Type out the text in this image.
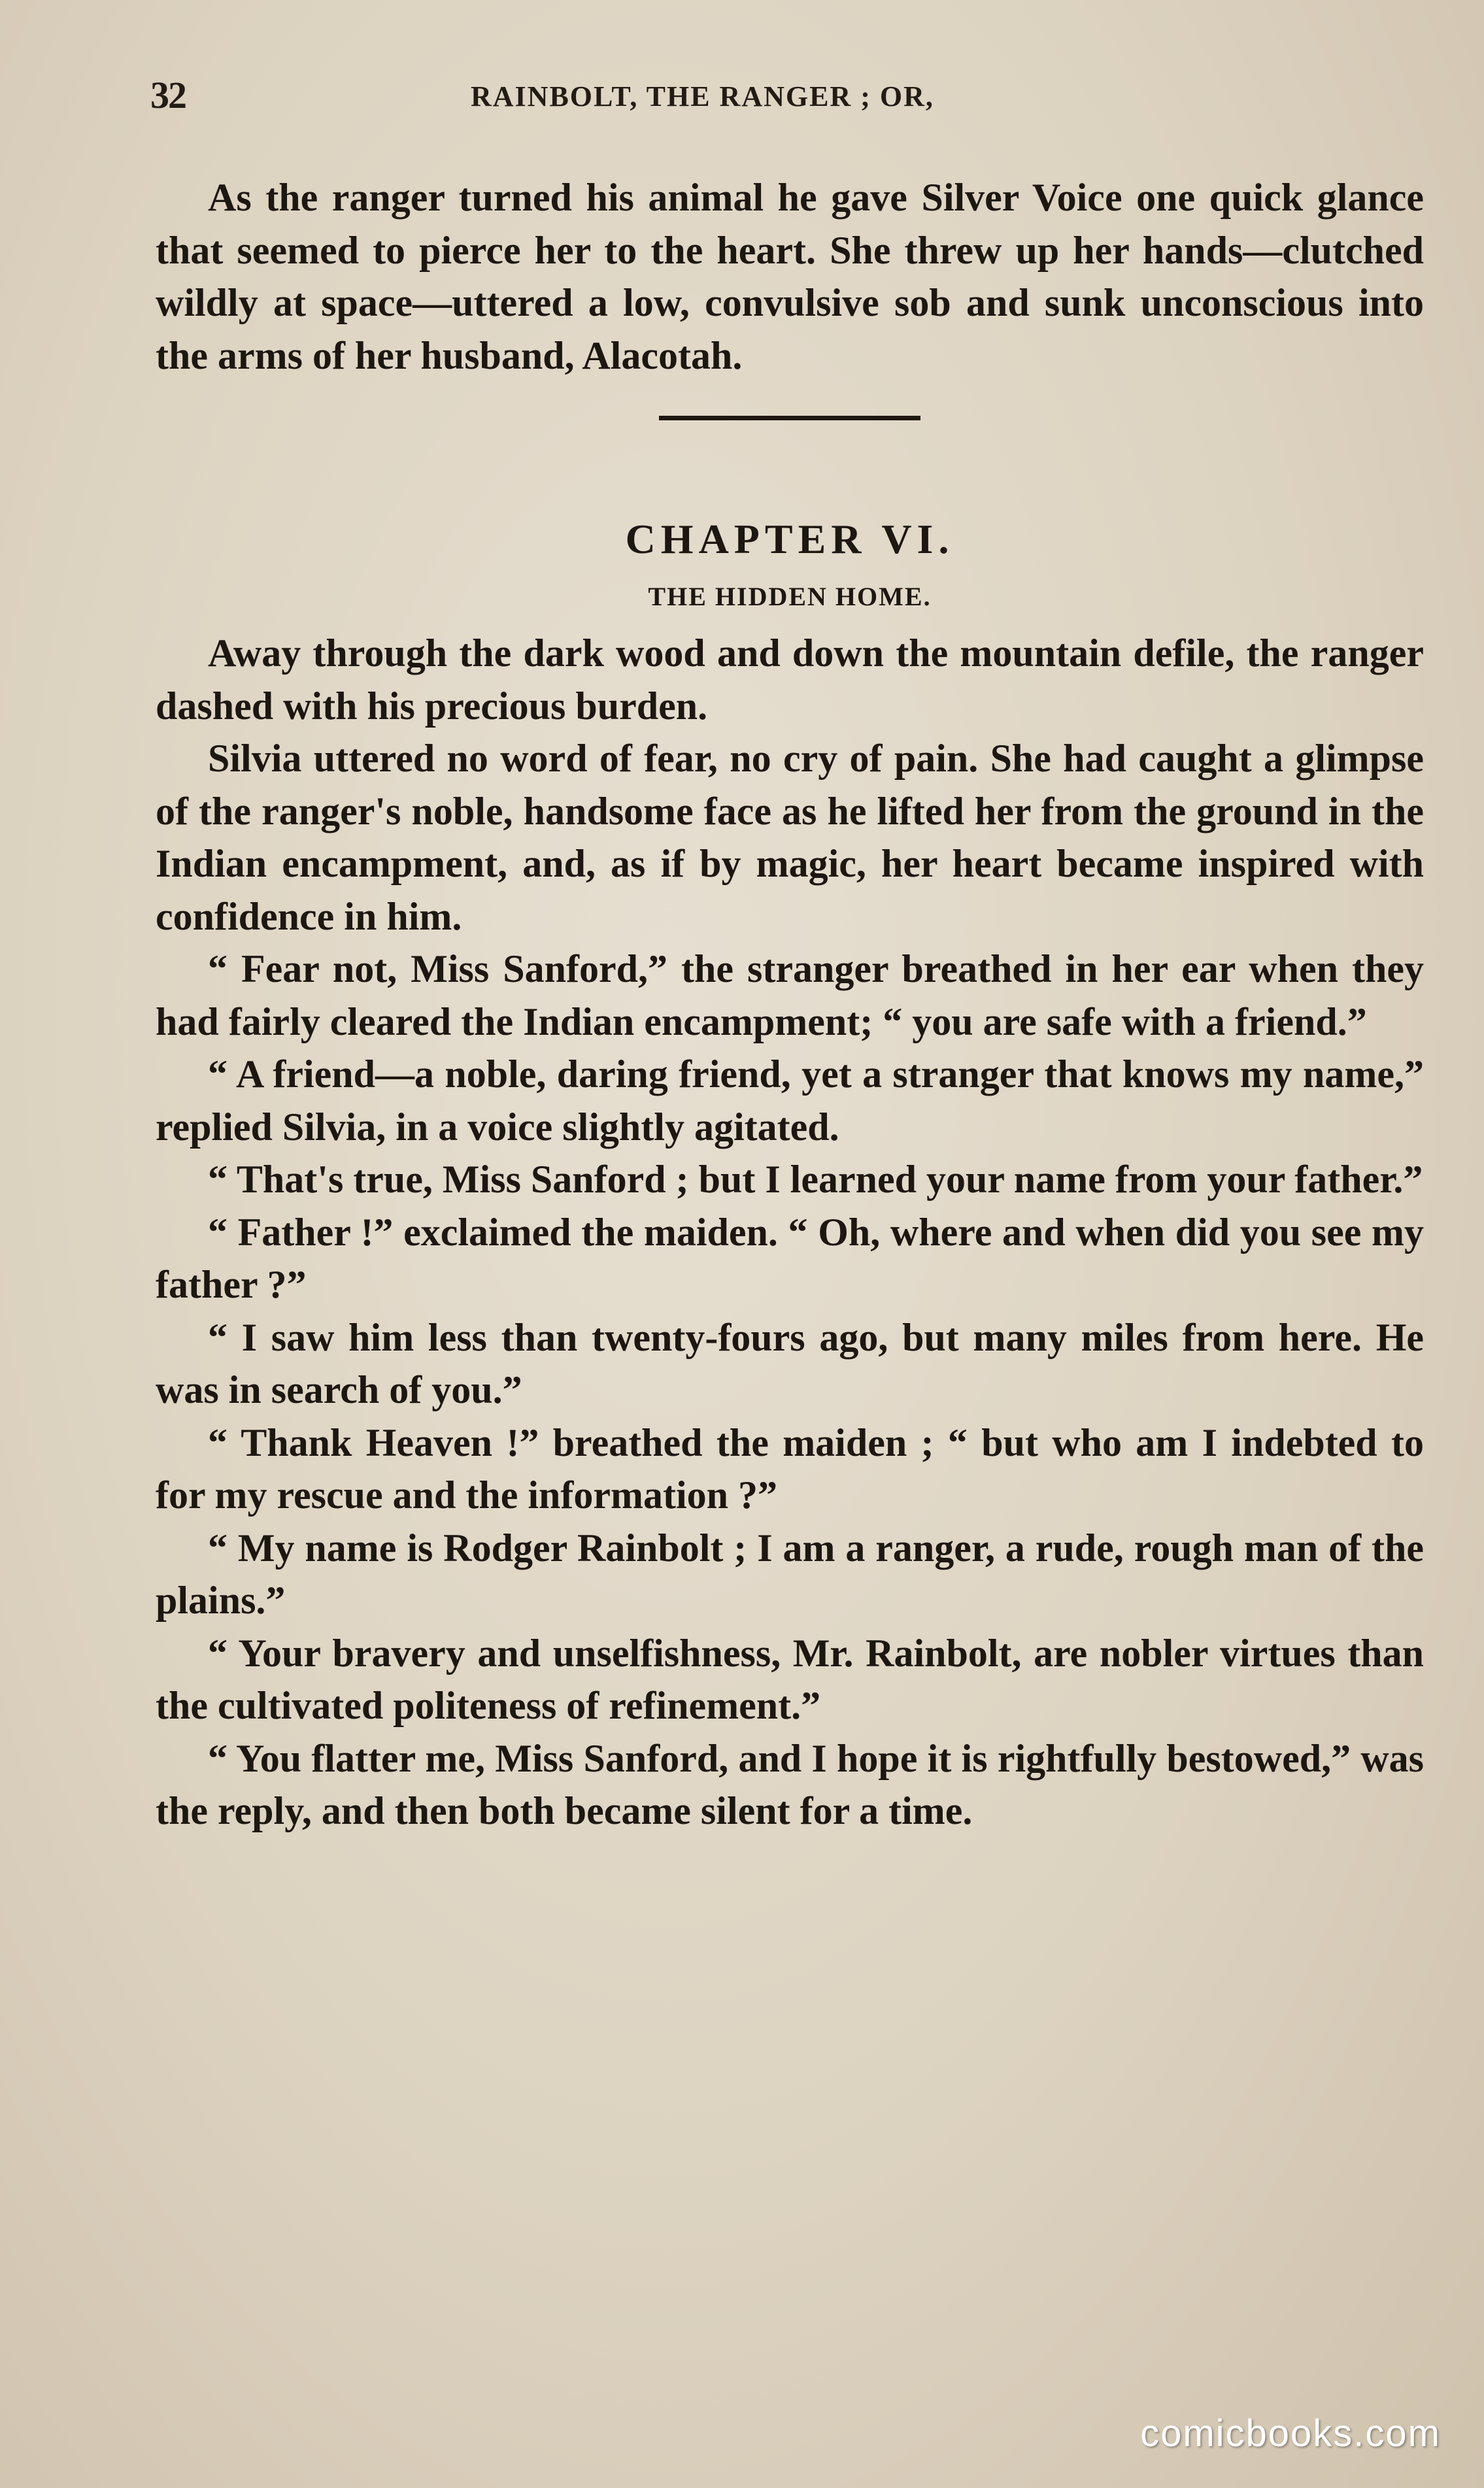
32	RAINBOLT, THE RANGER ; OR,

As the ranger turned his animal he gave Silver Voice one quick glance that seemed to pierce her to the heart. She threw up her hands—clutched wildly at space—uttered a low, convulsive sob and sunk unconscious into the arms of her husband, Alacotah.

CHAPTER VI.
THE HIDDEN HOME.

Away through the dark wood and down the mountain defile, the ranger dashed with his precious burden.

Silvia uttered no word of fear, no cry of pain. She had caught a glimpse of the ranger's noble, handsome face as he lifted her from the ground in the Indian encampment, and, as if by magic, her heart became inspired with confidence in him.

“ Fear not, Miss Sanford,” the stranger breathed in her ear when they had fairly cleared the Indian encampment; “ you are safe with a friend.”

“ A friend—a noble, daring friend, yet a stranger that knows my name,” replied Silvia, in a voice slightly agitated.

“ That's true, Miss Sanford ; but I learned your name from your father.”

“ Father !” exclaimed the maiden. “ Oh, where and when did you see my father ?”

“ I saw him less than twenty-fours ago, but many miles from here. He was in search of you.”

“ Thank Heaven !” breathed the maiden ; “ but who am I indebted to for my rescue and the information ?”

“ My name is Rodger Rainbolt ; I am a ranger, a rude, rough man of the plains.”

“ Your bravery and unselfishness, Mr. Rainbolt, are nobler virtues than the cultivated politeness of refinement.”

“ You flatter me, Miss Sanford, and I hope it is rightfully bestowed,” was the reply, and then both became silent for a time.

comicbooks.com
